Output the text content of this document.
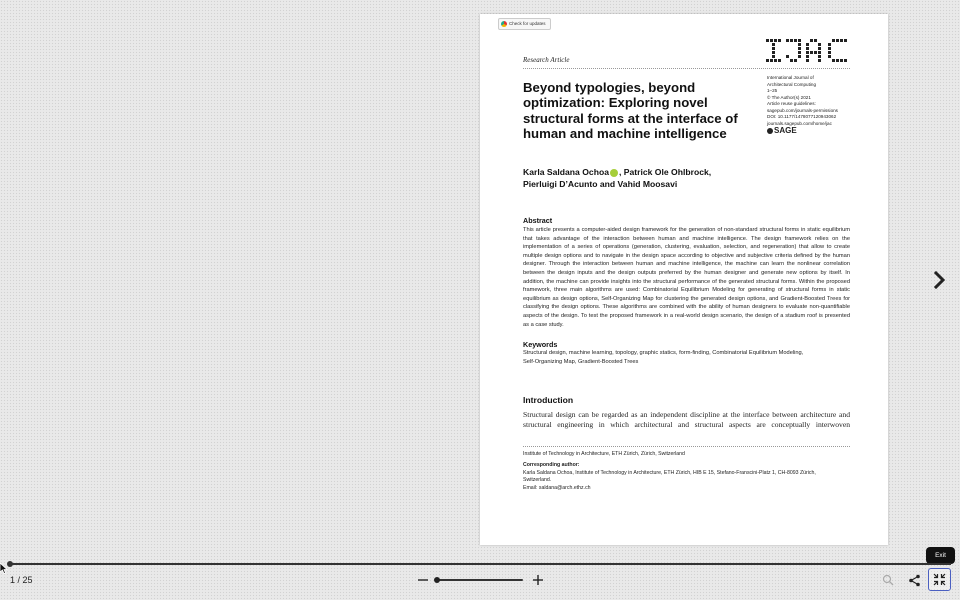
Check for updates
Research Article
Beyond typologies, beyond optimization: Exploring novel structural forms at the interface of human and machine intelligence
International Journal of
Architectural Computing
1–25
© The Author(s) 2021
Article reuse guidelines:
sagepub.com/journals-permissions
DOI: 10.1177/1478077120943062
journals.sagepub.com/home/jac
SAGE
Karla Saldana Ochoa , Patrick Ole Ohlbrock,
Pierluigi D’Acunto and Vahid Moosavi
Abstract
This article presents a computer-aided design framework for the generation of non-standard structural forms in static equilibrium that takes advantage of the interaction between human and machine intelligence. The design framework relies on the implementation of a series of operations (generation, clustering, evaluation, selection, and regeneration) that allow to create multiple design options and to navigate in the design space according to objective and subjective criteria defined by the human designer. Through the interaction between human and machine intelligence, the machine can learn the nonlinear correlation between the design inputs and the design outputs preferred by the human designer and generate new options by itself. In addition, the machine can provide insights into the structural performance of the generated structural forms. Within the proposed framework, three main algorithms are used: Combinatorial Equilibrium Modeling for generating of structural forms in static equilibrium as design options, Self-Organizing Map for clustering the generated design options, and Gradient-Boosted Trees for classifying the design options. These algorithms are combined with the ability of human designers to evaluate non-quantifiable aspects of the design. To test the proposed framework in a real-world design scenario, the design of a stadium roof is presented as a case study.
Keywords
Structural design, machine learning, topology, graphic statics, form-finding, Combinatorial Equilibrium Modeling,
Self-Organizing Map, Gradient-Boosted Trees
Introduction
Structural design can be regarded as an independent discipline at the interface between architecture and
structural engineering in which architectural and structural aspects are conceptually interwoven
Institute of Technology in Architecture, ETH Zürich, Zürich, Switzerland
Corresponding author:
Karla Saldana Ochoa, Institute of Technology in Architecture, ETH Zürich, HIB E 15, Stefano-Franscini-Platz 1, CH-8093 Zürich,
Switzerland.
Email: saldana@arch.ethz.ch
Exit
1 / 25
